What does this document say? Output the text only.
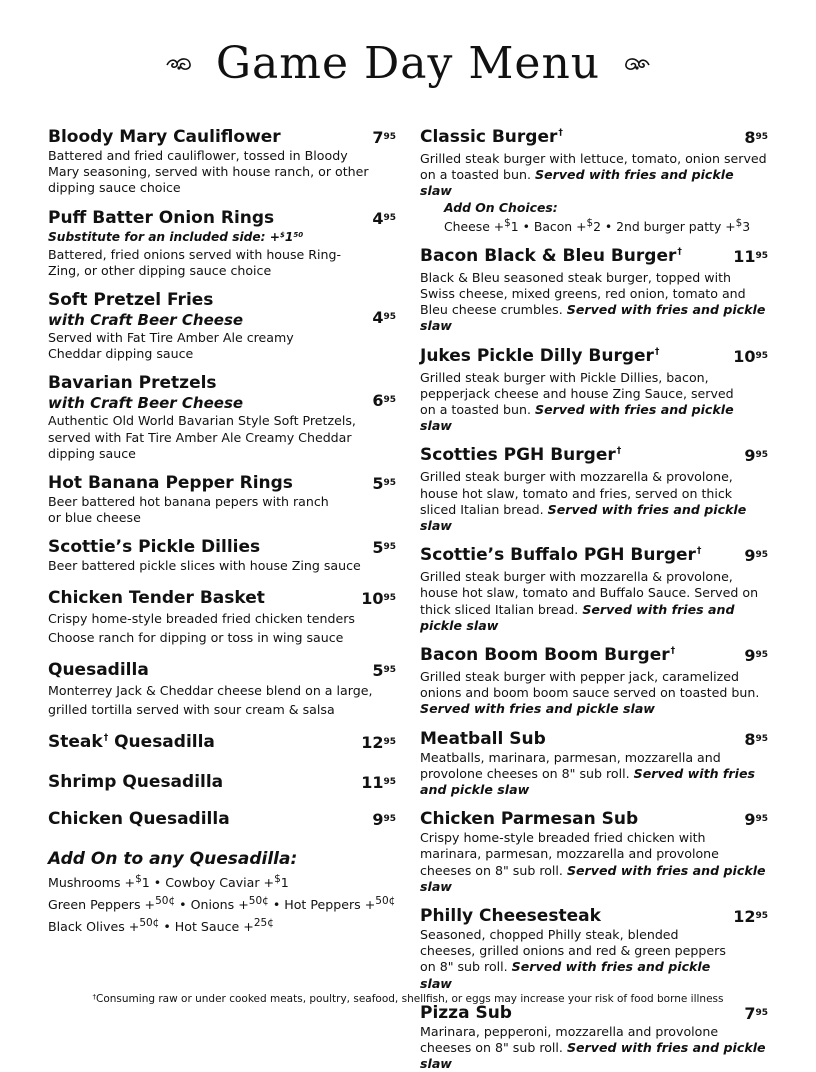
Game Day Menu
$7^{95}$
Bloody Mary Cauliflower
Battered and fried cauliflower, tossed in Bloody Mary seasoning, served with house ranch, or other dipping sauce choice
$4^{95}$
Puff Batter Onion Rings
Substitute for an included side: $+^{\$}1^{50}$
Battered, fried onions served with house Ring-Zing, or other dipping sauce choice
$4^{95}$
Soft Pretzel Fries
with Craft Beer Cheese
Served with Fat Tire Amber Ale creamy Cheddar dipping sauce
$6^{95}$
Bavarian Pretzels
with Craft Beer Cheese
Authentic Old World Bavarian Style Soft Pretzels, served with Fat Tire Amber Ale Creamy Cheddar dipping sauce
$5^{95}$
Hot Banana Pepper Rings
Beer battered hot banana pepers with ranch or blue cheese
$5^{95}$
Scottie’s Pickle Dillies
Beer battered pickle slices with house Zing sauce
$10^{95}$
Chicken Tender Basket
Crispy home-style breaded fried chicken tenders Choose ranch for dipping or toss in wing sauce
$5^{95}$
Quesadilla
Monterrey Jack & Cheddar cheese blend on a large, grilled tortilla served with sour cream & salsa
$12^{95}$
Steak† Quesadilla
$11^{95}$
Shrimp Quesadilla
$9^{95}$
Chicken Quesadilla
Add On to any Quesadilla:
Mushrooms +$1 • Cowboy Caviar +$1
Green Peppers +$^{50¢}$ • Onions +$^{50¢}$ • Hot Peppers +$^{50¢}$
Black Olives +$^{50¢}$ • Hot Sauce +$^{25¢}$
$8^{95}$
Classic Burger†
Grilled steak burger with lettuce, tomato, onion served on a toasted bun. Served with fries and pickle slaw
Add On Choices:
Cheese +$1 • Bacon +$2 • 2nd burger patty +$3
$11^{95}$
Bacon Black & Bleu Burger†
Black & Bleu seasoned steak burger, topped with Swiss cheese, mixed greens, red onion, tomato and Bleu cheese crumbles. Served with fries and pickle slaw
$10^{95}$
Jukes Pickle Dilly Burger†
Grilled steak burger with Pickle Dillies, bacon, pepperjack cheese and house Zing Sauce, served on a toasted bun. Served with fries and pickle slaw
$9^{95}$
Scotties PGH Burger†
Grilled steak burger with mozzarella & provolone, house hot slaw, tomato and fries, served on thick sliced Italian bread. Served with fries and pickle slaw
$9^{95}$
Scottie’s Buffalo PGH Burger†
Grilled steak burger with mozzarella & provolone, house hot slaw, tomato and Buffalo Sauce. Served on thick sliced Italian bread. Served with fries and pickle slaw
$9^{95}$
Bacon Boom Boom Burger†
Grilled steak burger with pepper jack, caramelized onions and boom boom sauce served on toasted bun. Served with fries and pickle slaw
$8^{95}$
Meatball Sub
Meatballs, marinara, parmesan, mozzarella and provolone cheeses on 8" sub roll. Served with fries and pickle slaw
$9^{95}$
Chicken Parmesan Sub
Crispy home-style breaded fried chicken with marinara, parmesan, mozzarella and provolone cheeses on 8" sub roll. Served with fries and pickle slaw
$12^{95}$
Philly Cheesesteak
Seasoned, chopped Philly steak, blended cheeses, grilled onions and red & green peppers on 8" sub roll. Served with fries and pickle slaw
$7^{95}$
Pizza Sub
Marinara, pepperoni, mozzarella and provolone cheeses on 8" sub roll. Served with fries and pickle slaw
†Consuming raw or under cooked meats, poultry, seafood, shellfish, or eggs may increase your risk of food borne illness
